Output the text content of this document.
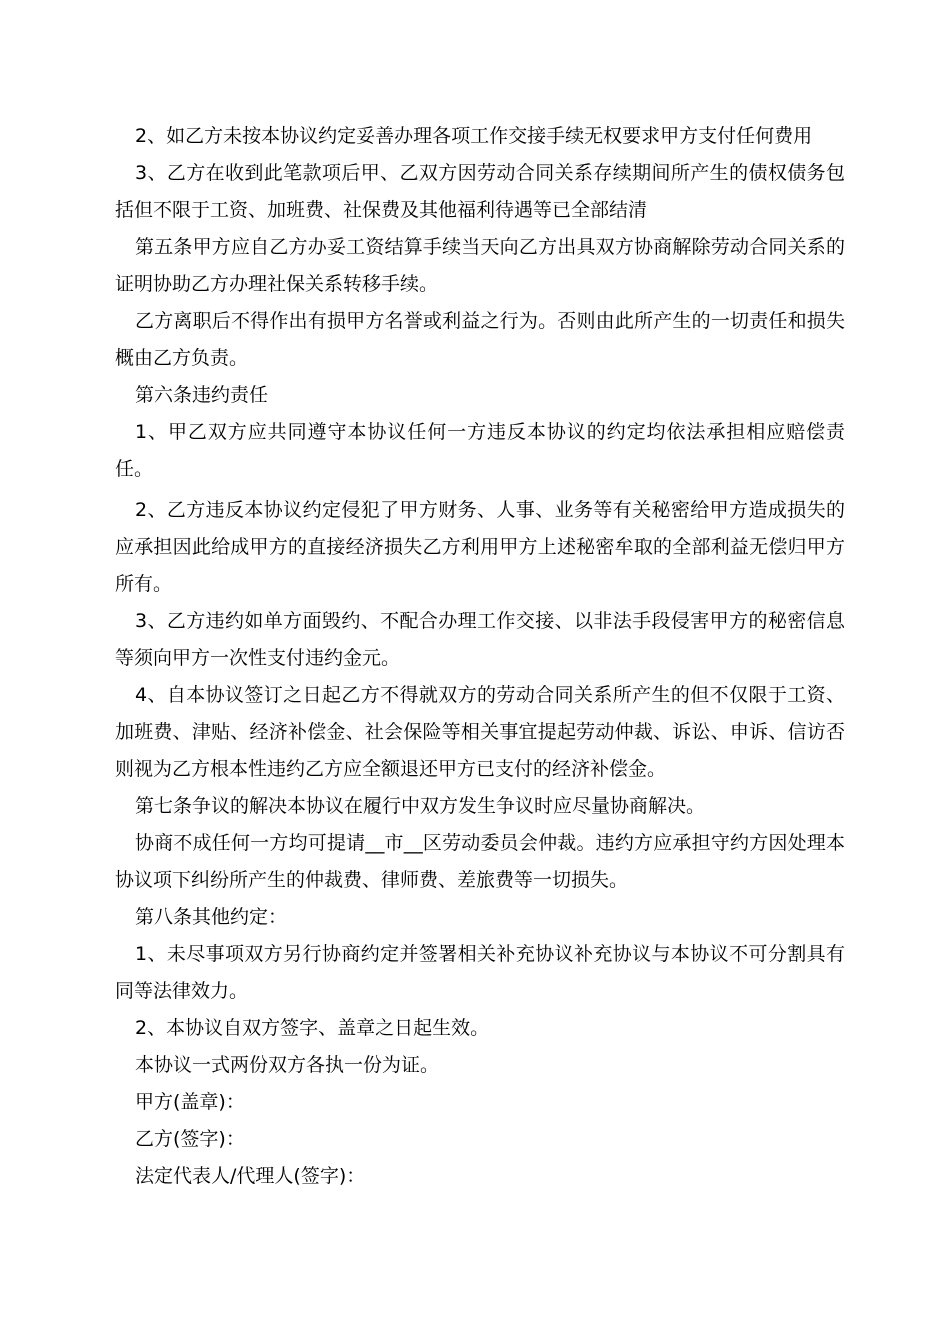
2、如乙方未按本协议约定妥善办理各项工作交接手续无权要求甲方支付任何费用

3、乙方在收到此笔款项后甲、乙双方因劳动合同关系存续期间所产生的债权债务包括但不限于工资、加班费、社保费及其他福利待遇等已全部结清

第五条甲方应自乙方办妥工资结算手续当天向乙方出具双方协商解除劳动合同关系的证明协助乙方办理社保关系转移手续。

乙方离职后不得作出有损甲方名誉或利益之行为。否则由此所产生的一切责任和损失概由乙方负责。

第六条违约责任

1、甲乙双方应共同遵守本协议任何一方违反本协议的约定均依法承担相应赔偿责任。

2、乙方违反本协议约定侵犯了甲方财务、人事、业务等有关秘密给甲方造成损失的应承担因此给成甲方的直接经济损失乙方利用甲方上述秘密牟取的全部利益无偿归甲方所有。

3、乙方违约如单方面毁约、不配合办理工作交接、以非法手段侵害甲方的秘密信息等须向甲方一次性支付违约金元。

4、自本协议签订之日起乙方不得就双方的劳动合同关系所产生的但不仅限于工资、加班费、津贴、经济补偿金、社会保险等相关事宜提起劳动仲裁、诉讼、申诉、信访否则视为乙方根本性违约乙方应全额退还甲方已支付的经济补偿金。

第七条争议的解决本协议在履行中双方发生争议时应尽量协商解决。

协商不成任何一方均可提请__市__区劳动委员会仲裁。违约方应承担守约方因处理本协议项下纠纷所产生的仲裁费、律师费、差旅费等一切损失。

第八条其他约定：

1、未尽事项双方另行协商约定并签署相关补充协议补充协议与本协议不可分割具有同等法律效力。

2、本协议自双方签字、盖章之日起生效。

本协议一式两份双方各执一份为证。

甲方(盖章)：

乙方(签字)：

法定代表人/代理人(签字)：
